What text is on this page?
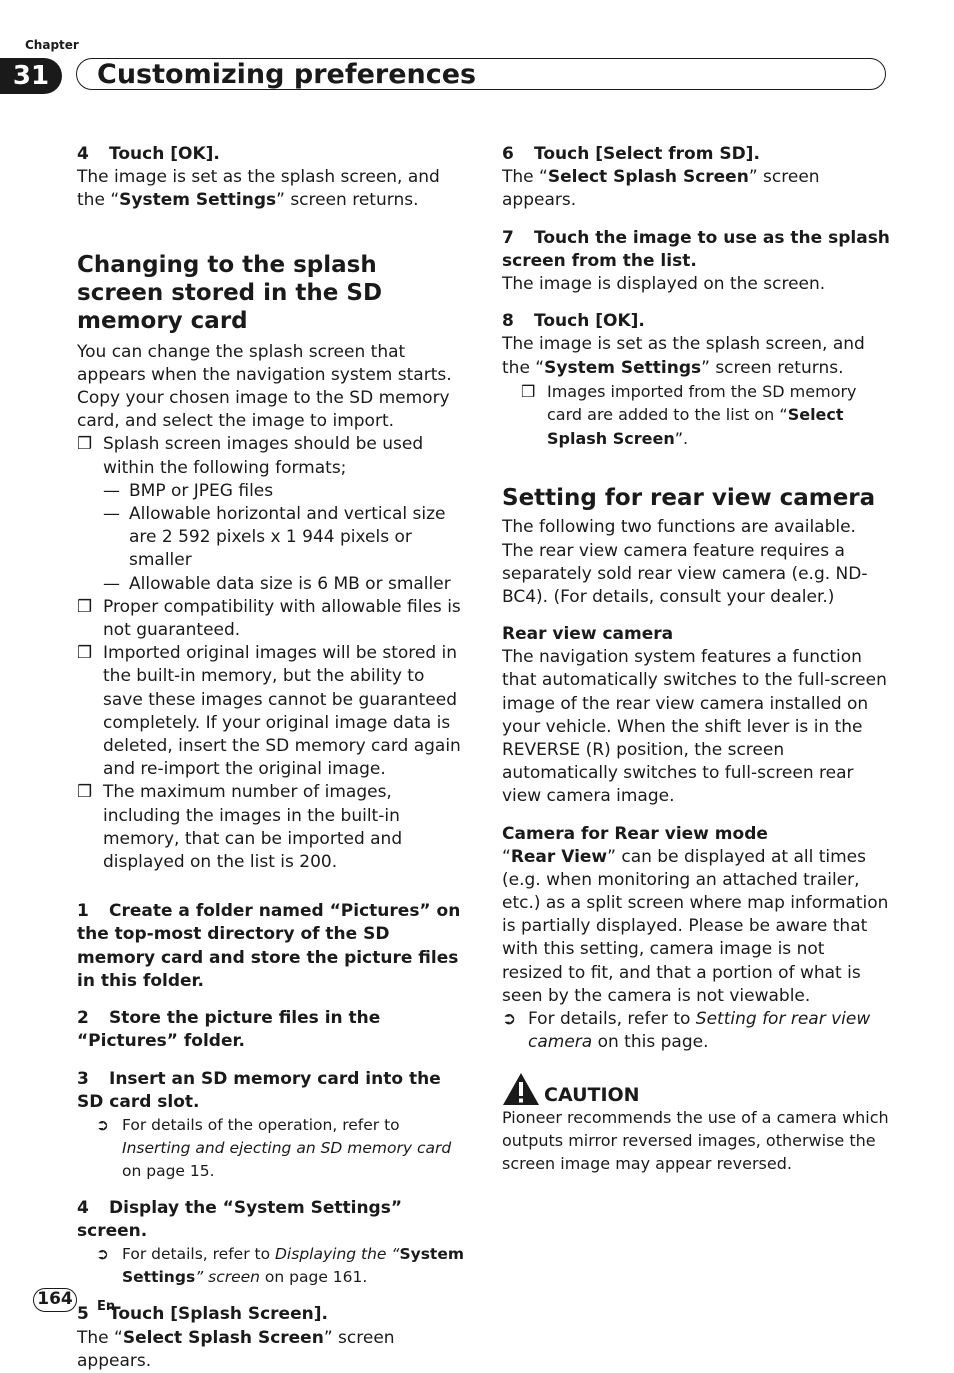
Chapter
31	Customizing preferences

4 Touch [OK].

The image is set as the splash screen, and the “System Settings” screen returns.

Changing to the splash screen stored in the SD memory card

You can change the splash screen that appears when the navigation system starts. Copy your chosen image to the SD memory card, and select the image to import.

❒ Splash screen images should be used within the following formats;
— BMP or JPEG files
— Allowable horizontal and vertical size are 2 592 pixels x 1 944 pixels or smaller
— Allowable data size is 6 MB or smaller
❒ Proper compatibility with allowable files is not guaranteed.
❒ Imported original images will be stored in the built-in memory, but the ability to save these images cannot be guaranteed completely. If your original image data is deleted, insert the SD memory card again and re-import the original image.
❒ The maximum number of images, including the images in the built-in memory, that can be imported and displayed on the list is 200.

1 Create a folder named “Pictures” on the top-most directory of the SD memory card and store the picture files in this folder.

2 Store the picture files in the “Pictures” folder.

3 Insert an SD memory card into the SD card slot.

➲ For details of the operation, refer to Inserting and ejecting an SD memory card on page 15.

4 Display the “System Settings” screen.

➲ For details, refer to Displaying the “System Settings” screen on page 161.

5 Touch [Splash Screen].

The “Select Splash Screen” screen appears.

6 Touch [Select from SD].

The “Select Splash Screen” screen appears.

7 Touch the image to use as the splash screen from the list.

The image is displayed on the screen.

8 Touch [OK].

The image is set as the splash screen, and the “System Settings” screen returns.

❒ Images imported from the SD memory card are added to the list on “Select Splash Screen”.
Setting for rear view camera

The following two functions are available. The rear view camera feature requires a separately sold rear view camera (e.g. ND-BC4). (For details, consult your dealer.)

Rear view camera

The navigation system features a function that automatically switches to the full-screen image of the rear view camera installed on your vehicle. When the shift lever is in the REVERSE (R) position, the screen automatically switches to full-screen rear view camera image.

Camera for Rear view mode

“Rear View” can be displayed at all times (e.g. when monitoring an attached trailer, etc.) as a split screen where map information is partially displayed. Please be aware that with this setting, camera image is not resized to fit, and that a portion of what is seen by the camera is not viewable.

➲ For details, refer to Setting for rear view camera on this page.
CAUTION

Pioneer recommends the use of a camera which outputs mirror reversed images, otherwise the screen image may appear reversed.

164	En
